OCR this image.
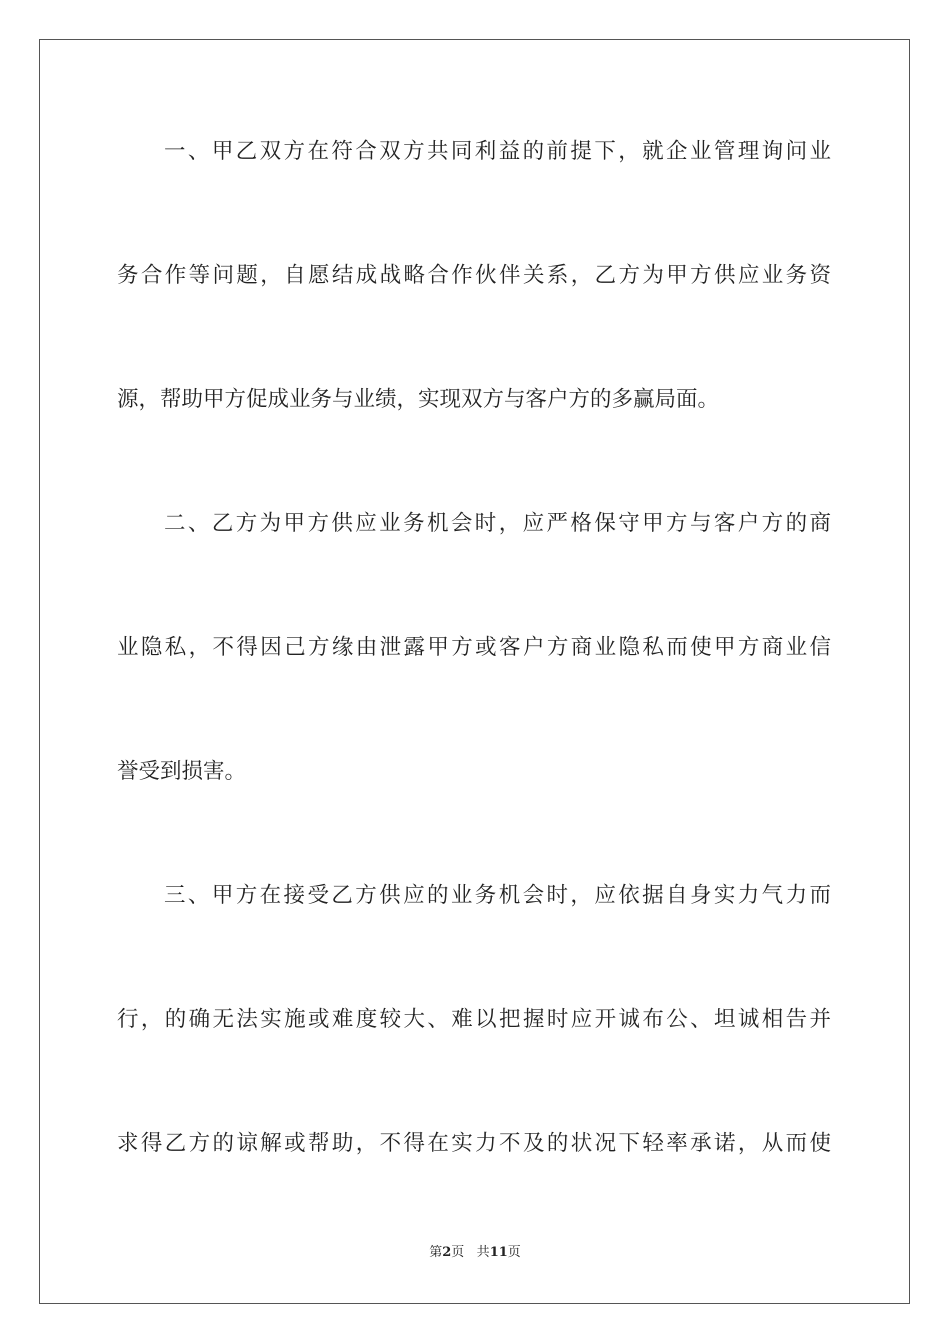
一、甲乙双方在符合双方共同利益的前提下，就企业管理询问业
务合作等问题，自愿结成战略合作伙伴关系，乙方为甲方供应业务资
源，帮助甲方促成业务与业绩，实现双方与客户方的多赢局面。
二、乙方为甲方供应业务机会时，应严格保守甲方与客户方的商
业隐私，不得因己方缘由泄露甲方或客户方商业隐私而使甲方商业信
誉受到损害。
三、甲方在接受乙方供应的业务机会时，应依据自身实力气力而
行，的确无法实施或难度较大、难以把握时应开诚布公、坦诚相告并
求得乙方的谅解或帮助，不得在实力不及的状况下轻率承诺，从而使
第2页 共11页
